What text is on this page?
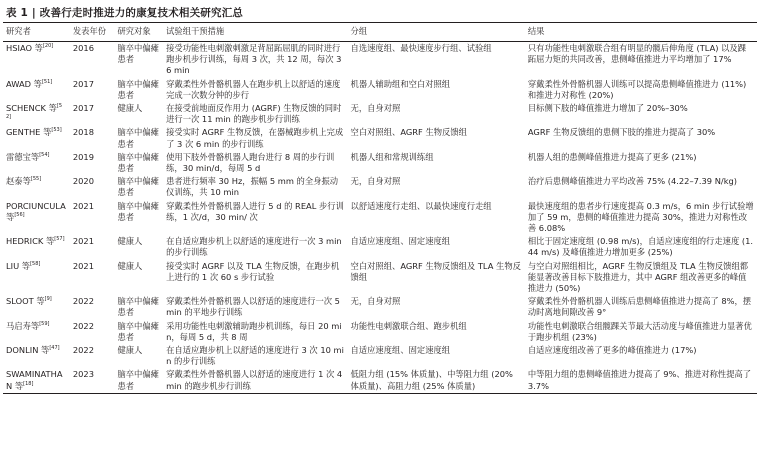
表 1 | 改善行走时推进力的康复技术相关研究汇总
研究者	发表年份	研究对象	试验组干预措施	分组	结果
HSIAO 等[20]	2016	脑卒中偏瘫患者	接受功能性电刺激刺激足背屈跖屈肌的同时进行跑步机步行训练，每周 3 次，共 12 周，每次 36 min	自选速度组、最快速度步行组、试验组	只有功能性电刺激联合组有明显的髋后伸角度 (TLA) 以及踝跖屈力矩的共同改善，患侧峰值推进力平均增加了 17%
AWAD 等[51]	2017	脑卒中偏瘫患者	穿戴柔性外骨骼机器人在跑步机上以舒适的速度完成一次数分钟的步行	机器人辅助组和空白对照组	穿戴柔性外骨骼机器人训练可以提高患侧峰值推进力 (11%) 和推进力对称性 (20%)
SCHENCK 等[52]	2017	健康人	在接受前地面反作用力 (AGRF) 生物反馈的同时进行一次 11 min 的跑步机步行训练	无，自身对照	目标侧下肢的峰值推进力增加了 20%–30%
GENTHE 等[53]	2018	脑卒中偏瘫患者	接受实时 AGRF 生物反馈，在器械跑步机上完成了 3 次 6 min 的步行训练	空白对照组、AGRF 生物反馈组	AGRF 生物反馈组的患侧下肢的推进力提高了 30%
雷德宝等[54]	2019	脑卒中偏瘫患者	使用下肢外骨骼机器人跑台进行 8 周的步行训练，30 min/d，每周 5 d	机器人组和常规训练组	机器人组的患侧峰值推进力提高了更多 (21%)
赵泰等[55]	2020	脑卒中偏瘫患者	患者进行频率 30 Hz，振幅 5 mm 的全身振动仪训练，共 10 min	无，自身对照	治疗后患侧峰值推进力平均改善 75% (4.22–7.39 N/kg)
PORCIUNCULA 等[56]	2021	脑卒中偏瘫患者	穿戴柔性外骨骼机器人进行 5 d 的 REAL 步行训练，1 次/d，30 min/ 次	以舒适速度行走组、以最快速度行走组	最快速度组的患者步行速度提高 0.3 m/s，6 min 步行试验增加了 59 m，患侧的峰值推进力提高 30%，推进力对称性改善 6.08%
HEDRICK 等[57]	2021	健康人	在自适应跑步机上以舒适的速度进行一次 3 min 的步行训练	自适应速度组、固定速度组	相比于固定速度组 (0.98 m/s)，自适应速度组的行走速度 (1.44 m/s) 及峰值推进力增加更多 (25%)
LIU 等[58]	2021	健康人	接受实时 AGRF 以及 TLA 生物反馈，在跑步机上进行的 1 次 60 s 步行试验	空白对照组、AGRF 生物反馈组及 TLA 生物反馈组	与空白对照组相比，AGRF 生物反馈组及 TLA 生物反馈组都能显著改善目标下肢推进力，其中 AGRF 组改善更多的峰值推进力 (50%)
SLOOT 等[9]	2022	脑卒中偏瘫患者	穿戴柔性外骨骼机器人以舒适的速度进行一次 5 min 的平地步行训练	无，自身对照	穿戴柔性外骨骼机器人训练后患侧峰值推进力提高了 8%，摆动时离地间隙改善 9°
马启寿等[59]	2022	脑卒中偏瘫患者	采用功能性电刺激辅助跑步机训练，每日 20 min，每周 5 d，共 8 周	功能性电刺激联合组、跑步机组	功能性电刺激联合组髋踝关节最大活动度与峰值推进力显著优于跑步机组 (23%)
DONLIN 等[47]	2022	健康人	在自适应跑步机上以舒适的速度进行 3 次 10 min 的步行训练	自适应速度组、固定速度组	自适应速度组改善了更多的峰值推进力 (17%)
SWAMINATHAN 等[18]	2023	脑卒中偏瘫患者	穿戴柔性外骨骼机器人以舒适的速度进行 1 次 4 min 的跑步机步行训练	低阻力组 (15% 体质量)、中等阻力组 (20% 体质量)、高阻力组 (25% 体质量)	中等阻力组的患侧峰值推进力提高了 9%、推进对称性提高了 3.7%
